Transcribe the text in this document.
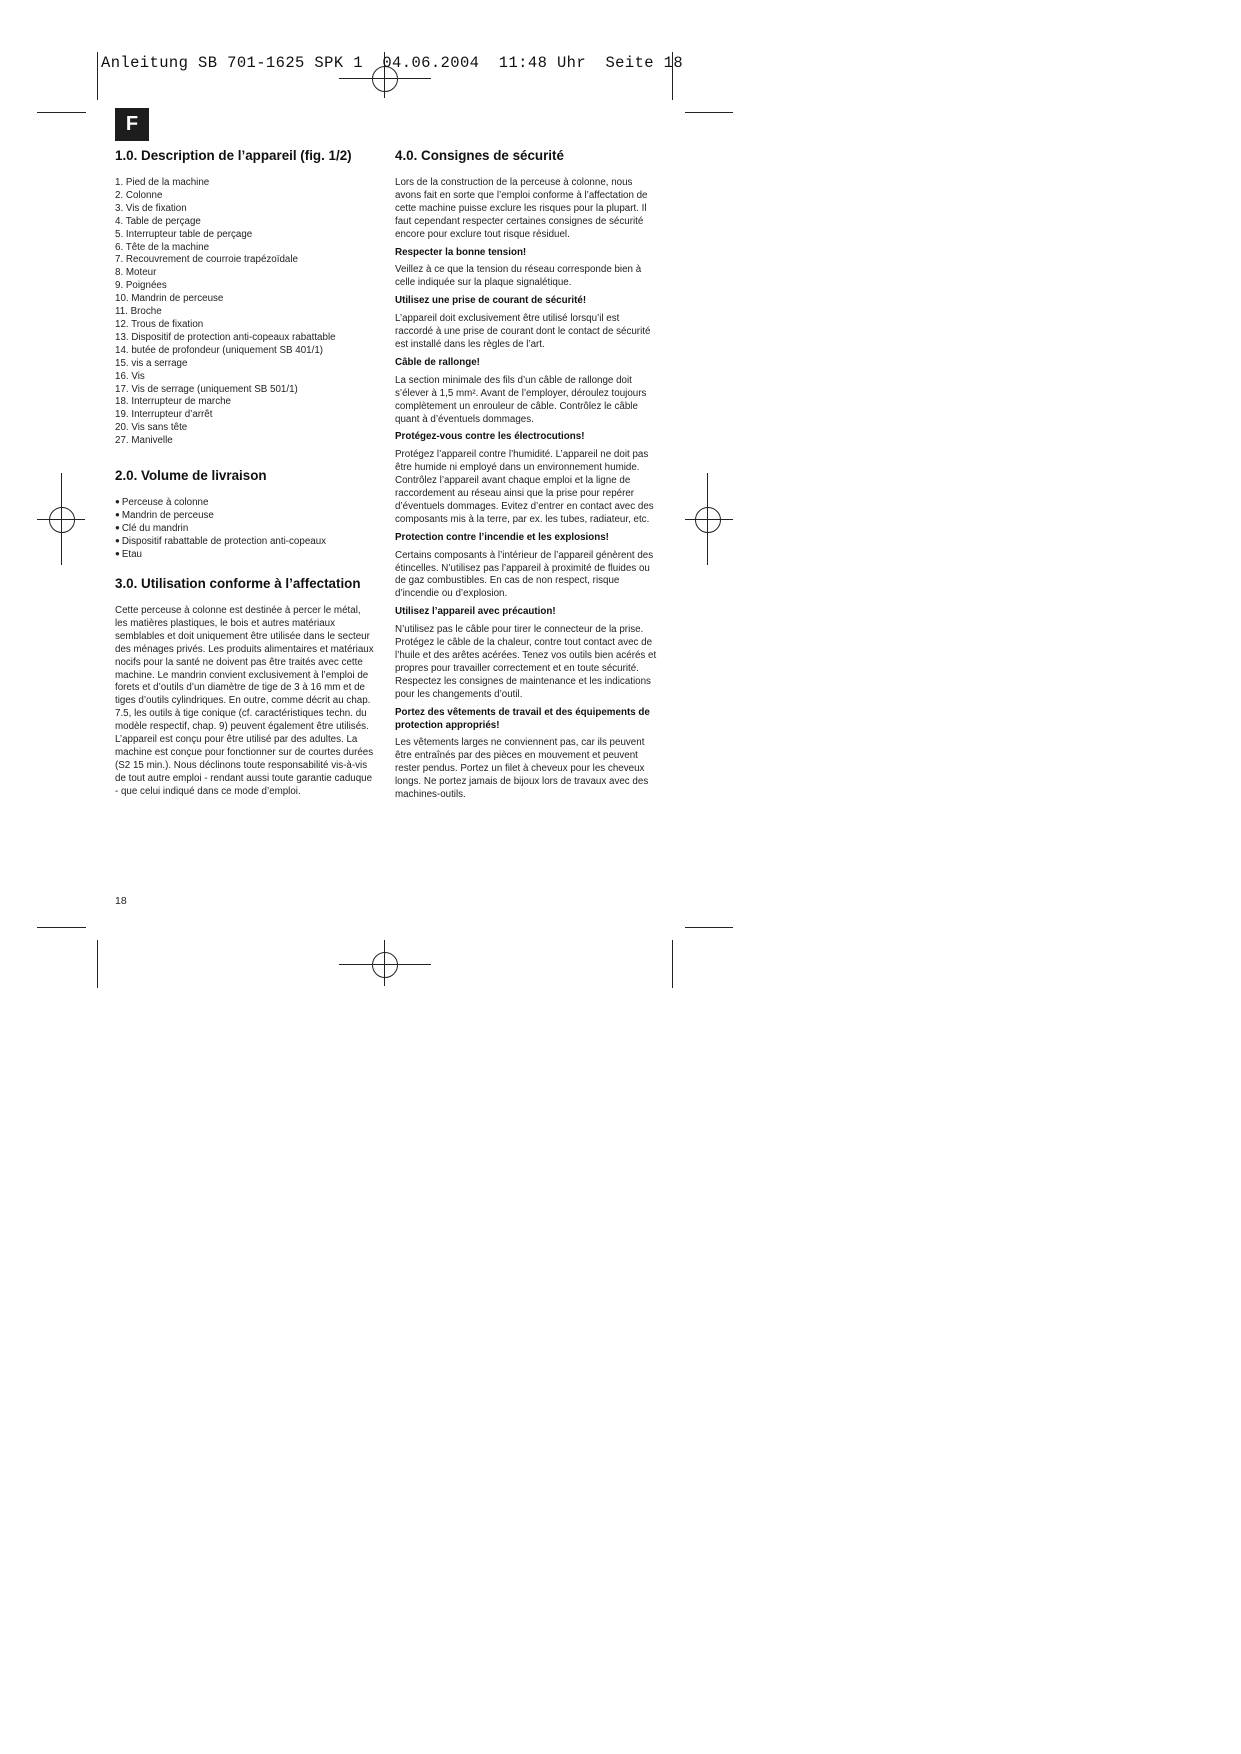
Anleitung SB 701-1625 SPK 1  04.06.2004  11:48 Uhr  Seite 18
F
1.0. Description de l’appareil (fig. 1/2)
1. Pied de la machine
2. Colonne
3. Vis de fixation
4. Table de perçage
5. Interrupteur table de perçage
6. Tête de la machine
7. Recouvrement de courroie trapézoïdale
8. Moteur
9. Poignées
10. Mandrin de perceuse
11. Broche
12. Trous de fixation
13. Dispositif de protection anti-copeaux rabattable
14. butée de profondeur (uniquement SB 401/1)
15. vis a serrage
16. Vis
17. Vis de serrage (uniquement SB 501/1)
18. Interrupteur de marche
19. Interrupteur d’arrêt
20. Vis sans tête
27. Manivelle
2.0. Volume de livraison
● Perceuse à colonne
● Mandrin de perceuse
● Clé du mandrin
● Dispositif rabattable de protection anti-copeaux
● Etau
3.0. Utilisation conforme à l’affectation

Cette perceuse à colonne est destinée à percer le métal, les matières plastiques, le bois et autres matériaux semblables et doit uniquement être utilisée dans le secteur des ménages privés. Les produits alimentaires et matériaux nocifs pour la santé ne doivent pas être traités avec cette machine. Le mandrin convient exclusivement à l’emploi de forets et d’outils d’un diamètre de tige de 3 à 16 mm et de tiges d’outils cylindriques. En outre, comme décrit au chap. 7.5, les outils à tige conique (cf. caractéristiques techn. du modèle respectif, chap. 9) peuvent également être utilisés. L’appareil est conçu pour être utilisé par des adultes. La machine est conçue pour fonctionner sur de courtes durées (S2 15 min.). Nous déclinons toute responsabilité vis-à-vis de tout autre emploi - rendant aussi toute garantie caduque - que celui indiqué dans ce mode d’emploi.

4.0. Consignes de sécurité

Lors de la construction de la perceuse à colonne, nous avons fait en sorte que l’emploi conforme à l’affectation de cette machine puisse exclure les risques pour la plupart. Il faut cependant respecter certaines consignes de sécurité encore pour exclure tout risque résiduel.

Respecter la bonne tension!

Veillez à ce que la tension du réseau corresponde bien à celle indiquée sur la plaque signalétique.

Utilisez une prise de courant de sécurité!

L’appareil doit exclusivement être utilisé lorsqu’il est raccordé à une prise de courant dont le contact de sécurité est installé dans les règles de l’art.

Câble de rallonge!

La section minimale des fils d’un câble de rallonge doit s’élever à 1,5 mm². Avant de l’employer, déroulez toujours complètement un enrouleur de câble. Contrôlez le câble quant à d’éventuels dommages.

Protégez-vous contre les électrocutions!

Protégez l’appareil contre l’humidité. L’appareil ne doit pas être humide ni employé dans un environnement humide. Contrôlez l’appareil avant chaque emploi et la ligne de raccordement au réseau ainsi que la prise pour repérer d’éventuels dommages. Evitez d’entrer en contact avec des composants mis à la terre, par ex. les tubes, radiateur, etc.

Protection contre l’incendie et les explosions!

Certains composants à l’intérieur de l’appareil génèrent des étincelles. N’utilisez pas l’appareil à proximité de fluides ou de gaz combustibles. En cas de non respect, risque d’incendie ou d’explosion.

Utilisez l’appareil avec précaution!

N’utilisez pas le câble pour tirer le connecteur de la prise. Protégez le câble de la chaleur, contre tout contact avec de l’huile et des arêtes acérées. Tenez vos outils bien acérés et propres pour travailler correctement et en toute sécurité. Respectez les consignes de maintenance et les indications pour les changements d’outil.

Portez des vêtements de travail et des équipements de protection appropriés!

Les vêtements larges ne conviennent pas, car ils peuvent être entraînés par des pièces en mouvement et peuvent rester pendus. Portez un filet à cheveux pour les cheveux longs. Ne portez jamais de bijoux lors de travaux avec des machines-outils.

18
